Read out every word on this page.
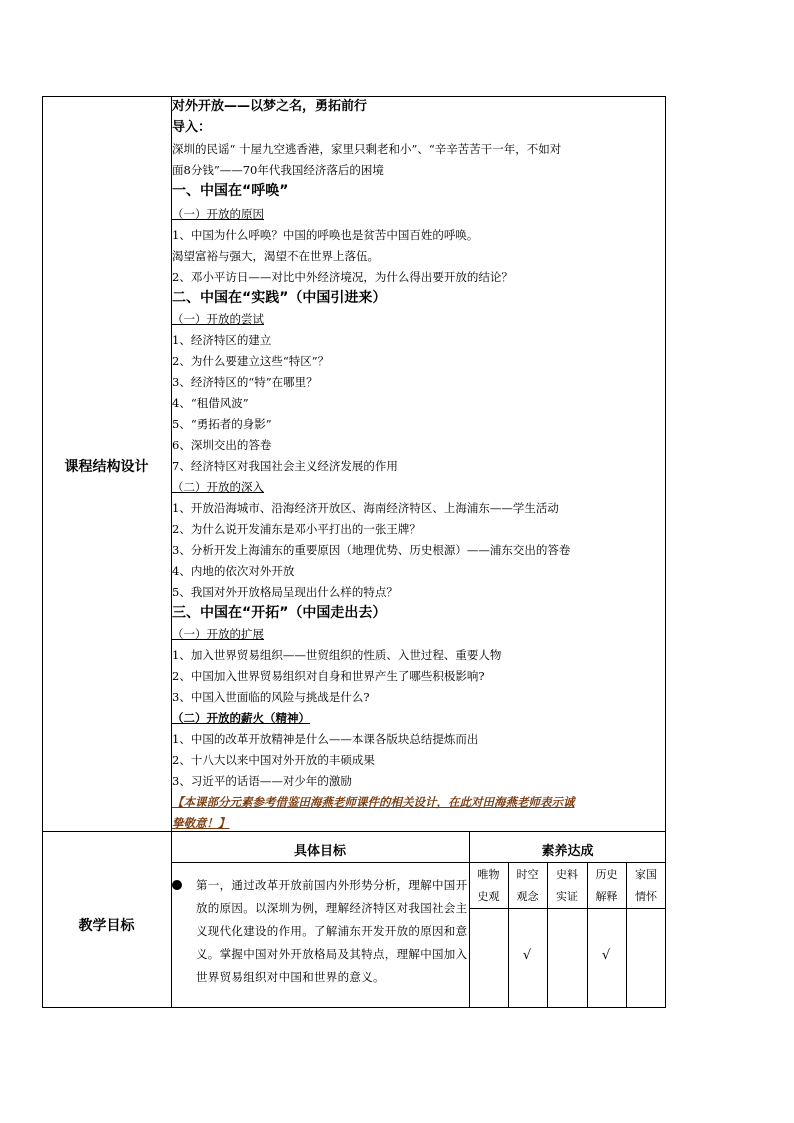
课程结构设计
教学目标
对外开放——以梦之名，勇拓前行
导入：
深圳的民谣“ 十屋九空逃香港，家里只剩老和小”、“辛辛苦苦干一年，不如对
面8分钱”——70年代我国经济落后的困境
一、中国在“呼唤”
（一）开放的原因
1、中国为什么呼唤？中国的呼唤也是贫苦中国百姓的呼唤。
渴望富裕与强大，渴望不在世界上落伍。
2、邓小平访日——对比中外经济境况，为什么得出要开放的结论？
二、中国在“实践”（中国引进来）
（一）开放的尝试
1、经济特区的建立
2、为什么要建立这些“特区”？
3、经济特区的“特”在哪里？
4、“租借风波”
5、“勇拓者的身影”
6、深圳交出的答卷
7、经济特区对我国社会主义经济发展的作用
（二）开放的深入
1、开放沿海城市、沿海经济开放区、海南经济特区、上海浦东——学生活动
2、为什么说开发浦东是邓小平打出的一张王牌？
3、分析开发上海浦东的重要原因（地理优势、历史根源）——浦东交出的答卷
4、内地的依次对外开放
5、我国对外开放格局呈现出什么样的特点？
三、中国在“开拓”（中国走出去）
（一）开放的扩展
1、加入世界贸易组织——世贸组织的性质、入世过程、重要人物
2、中国加入世界贸易组织对自身和世界产生了哪些积极影响?
3、中国入世面临的风险与挑战是什么?
（二）开放的薪火（精神）
1、中国的改革开放精神是什么——本课各版块总结提炼而出
2、十八大以来中国对外开放的丰硕成果
3、习近平的话语——对少年的激励
【本课部分元素参考借鉴田海燕老师课件的相关设计，在此对田海燕老师表示诚
挚敬意！】
具体目标	素养达成
第一，通过改革开放前国内外形势分析，理解中国开放的原因。以深圳为例，理解经济特区对我国社会主义现代化建设的作用。了解浦东开发开放的原因和意义。掌握中国对外开放格局及其特点，理解中国加入世界贸易组织对中国和世界的意义。
唯物
史观
时空
观念
史料
实证
历史
解释
家国
情怀
√	√
